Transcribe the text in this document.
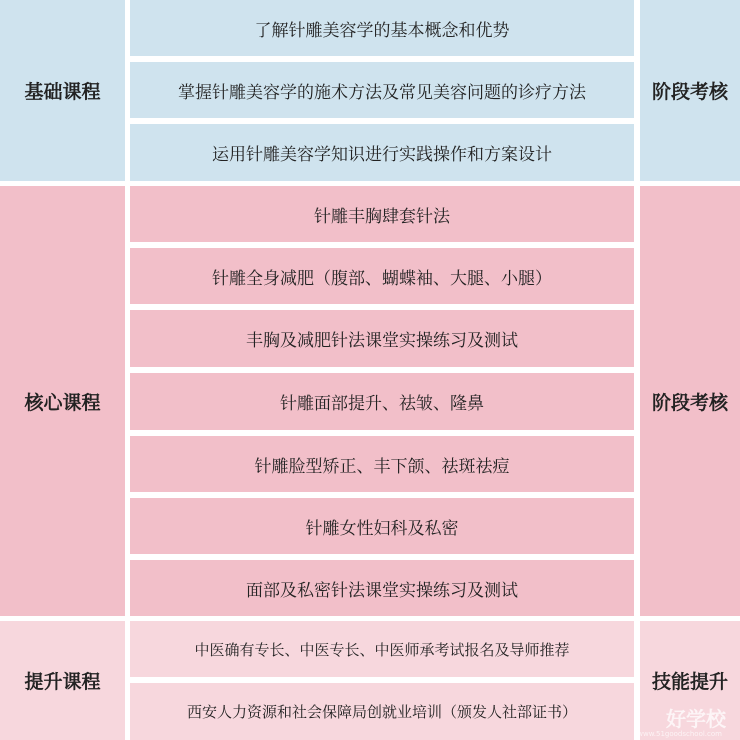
基础课程
了解针雕美容学的基本概念和优势
掌握针雕美容学的施术方法及常见美容问题的诊疗方法
运用针雕美容学知识进行实践操作和方案设计
阶段考核
核心课程
针雕丰胸肆套针法
针雕全身减肥（腹部、蝴蝶袖、大腿、小腿）
丰胸及减肥针法课堂实操练习及测试
针雕面部提升、祛皱、隆鼻
针雕脸型矫正、丰下颌、祛斑祛痘
针雕女性妇科及私密
面部及私密针法课堂实操练习及测试
阶段考核
提升课程
中医确有专长、中医专长、中医师承考试报名及导师推荐
西安人力资源和社会保障局创就业培训（颁发人社部证书）
技能提升
好学校
www.51goodschool.com
